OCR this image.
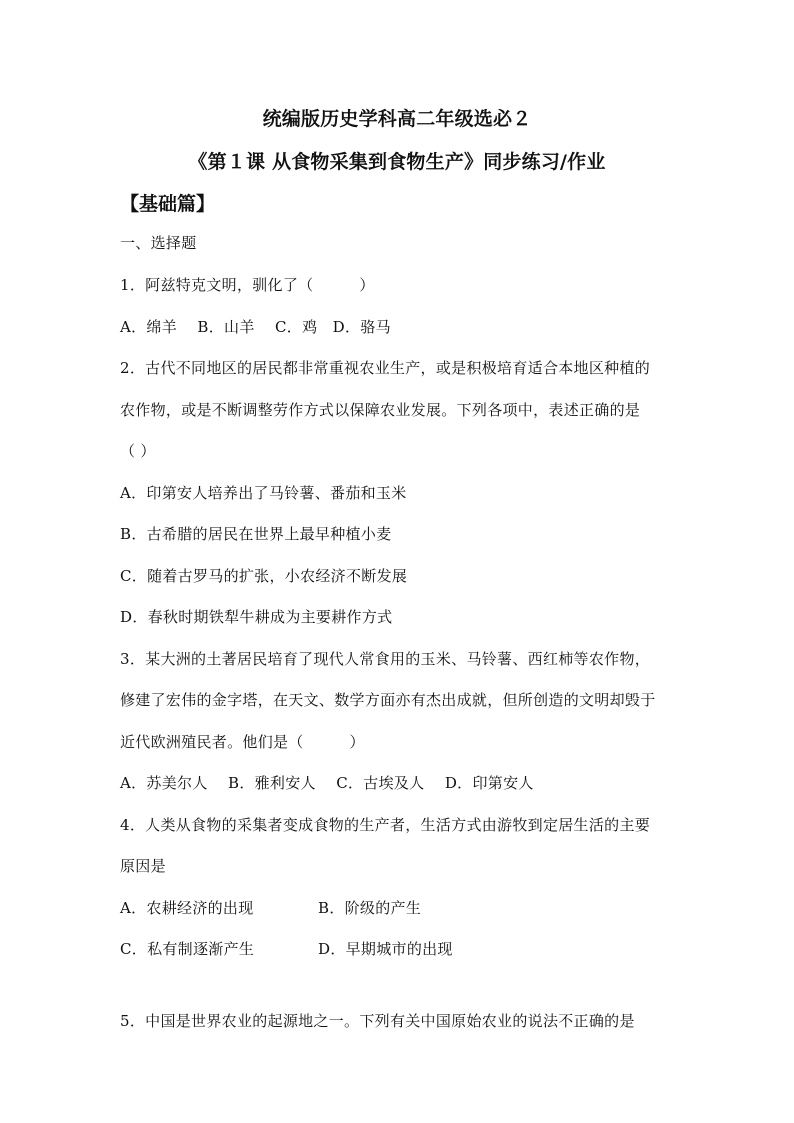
统编版历史学科高二年级选必２
《第１课 从食物采集到食物生产》同步练习/作业
【基础篇】
一、选择题
1．阿兹特克文明，驯化了（　　　）
A．绵羊　 B．山羊　 C．鸡　D．骆马
2．古代不同地区的居民都非常重视农业生产，或是积极培育适合本地区种植的
农作物，或是不断调整劳作方式以保障农业发展。下列各项中，表述正确的是
（ ）
A．印第安人培养出了马铃薯、番茄和玉米
B．古希腊的居民在世界上最早种植小麦
C．随着古罗马的扩张，小农经济不断发展
D．春秋时期铁犁牛耕成为主要耕作方式
3．某大洲的土著居民培育了现代人常食用的玉米、马铃薯、西红柿等农作物，
修建了宏伟的金字塔，在天文、数学方面亦有杰出成就，但所创造的文明却毁于
近代欧洲殖民者。他们是（　　　）
A．苏美尔人　 B．雅利安人　 C．古埃及人　 D．印第安人
4．人类从食物的采集者变成食物的生产者，生活方式由游牧到定居生活的主要
原因是
A．农耕经济的出现	B．阶级的产生
C．私有制逐渐产生	D．早期城市的出现
5．中国是世界农业的起源地之一。下列有关中国原始农业的说法不正确的是
